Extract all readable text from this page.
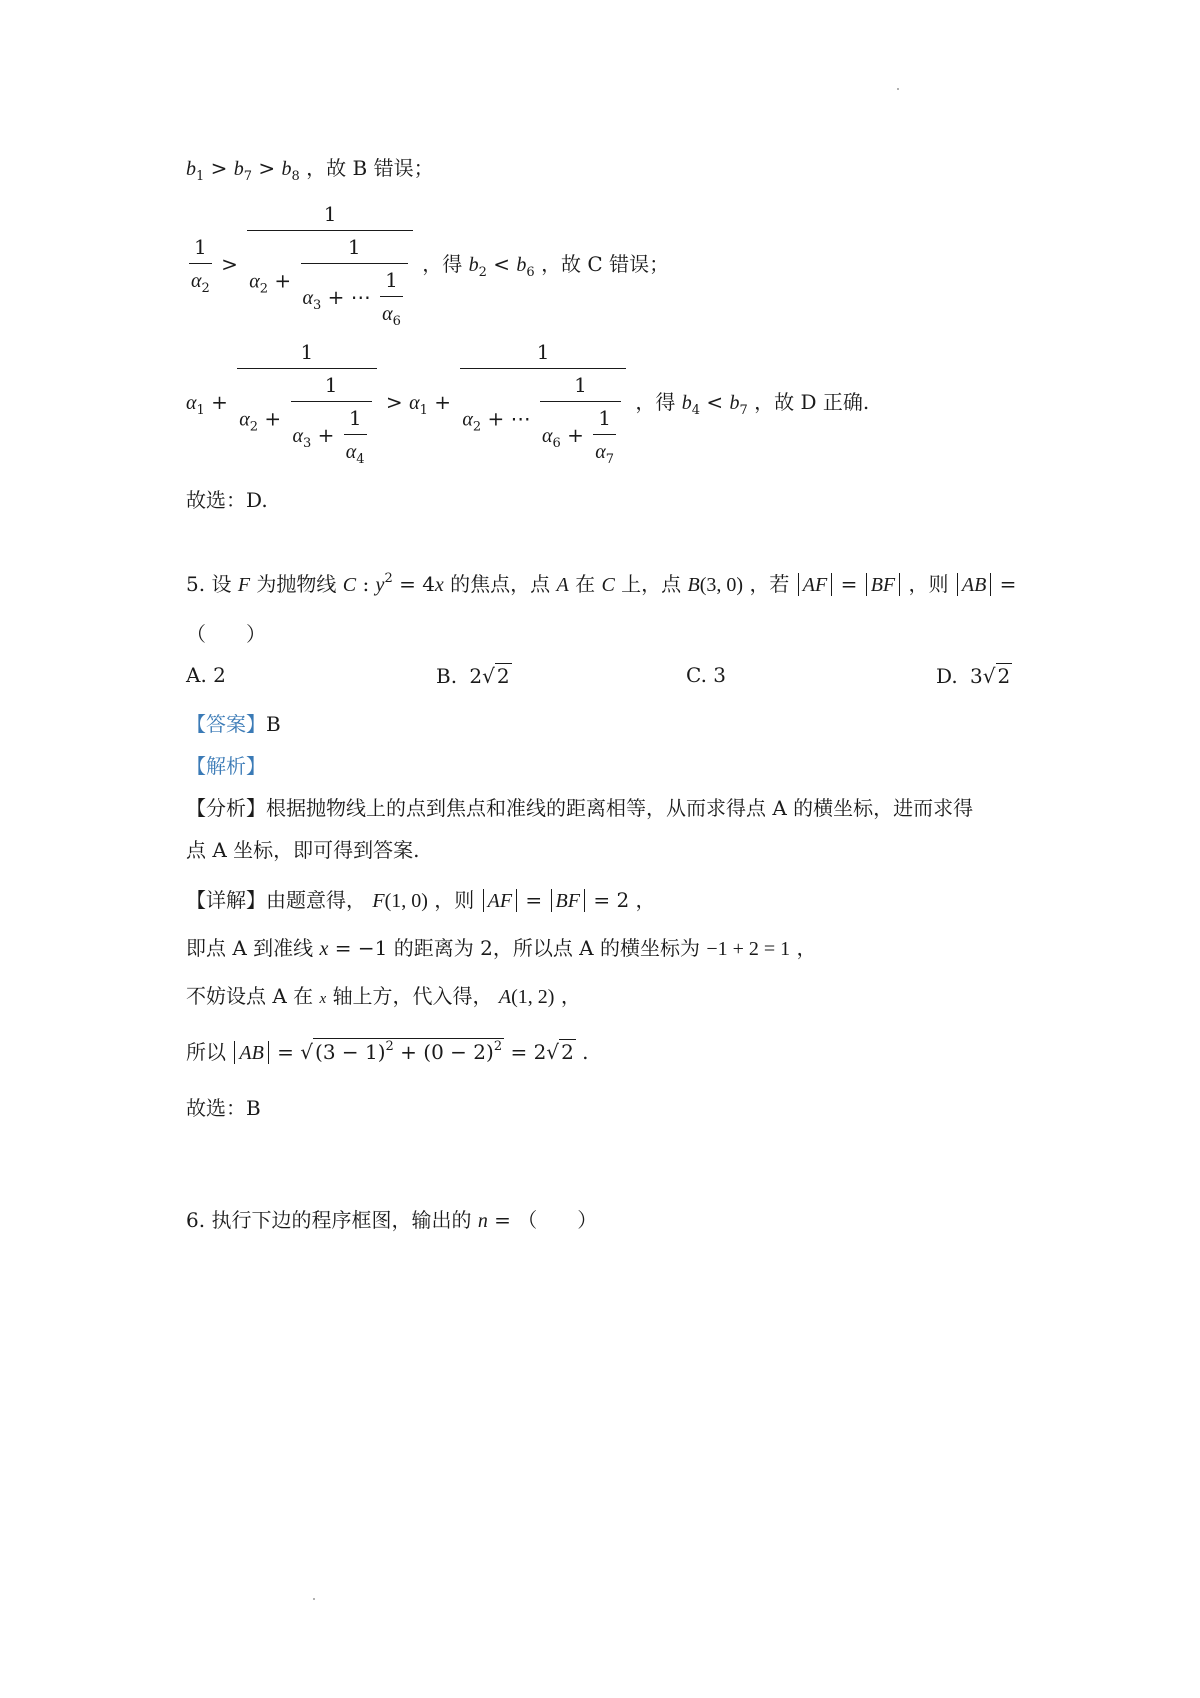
$b_1 > b_7 > b_8$ ，故 B 错误；
$\frac{1}{\alpha_2} > \frac{1}{\alpha_2 + \frac{1}{\alpha_3 + \cdots \frac{1}{\alpha_6}}}$ ，得 $b_2 < b_6$ ，故 C 错误；
$\alpha_1 + \frac{1}{\alpha_2 + \frac{1}{\alpha_3 + \frac{1}{\alpha_4}}} > \alpha_1 + \frac{1}{\alpha_2 + \cdots \frac{1}{\alpha_6 + \frac{1}{\alpha_7}}}$ ，得 $b_4 < b_7$ ，故 D 正确.
故选：D.
5. 设 F 为抛物线 C : $y^2 = 4x$ 的焦点，点 A 在 C 上，点 B(3, 0) ，若 AF = BF ，则 AB =
（　　）
A. 2	B. 2√ 2	C. 3	D. 3√ 2
【答案】B
【解析】
【分析】根据抛物线上的点到焦点和准线的距离相等，从而求得点 A 的横坐标，进而求得
点 A 坐标，即可得到答案.
【详解】由题意得， F(1, 0) ，则 AF = BF = 2 ，
即点 A 到准线 x = −1 的距离为 2，所以点 A 的横坐标为 −1 + 2 = 1 ，
不妨设点 A 在 x 轴上方，代入得， A(1, 2) ，
所以 AB = √ $(3 - 1)^2 + (0 - 2)^2 = 2√$ 2 .
故选：B
6. 执行下边的程序框图，输出的 n = （　　）
